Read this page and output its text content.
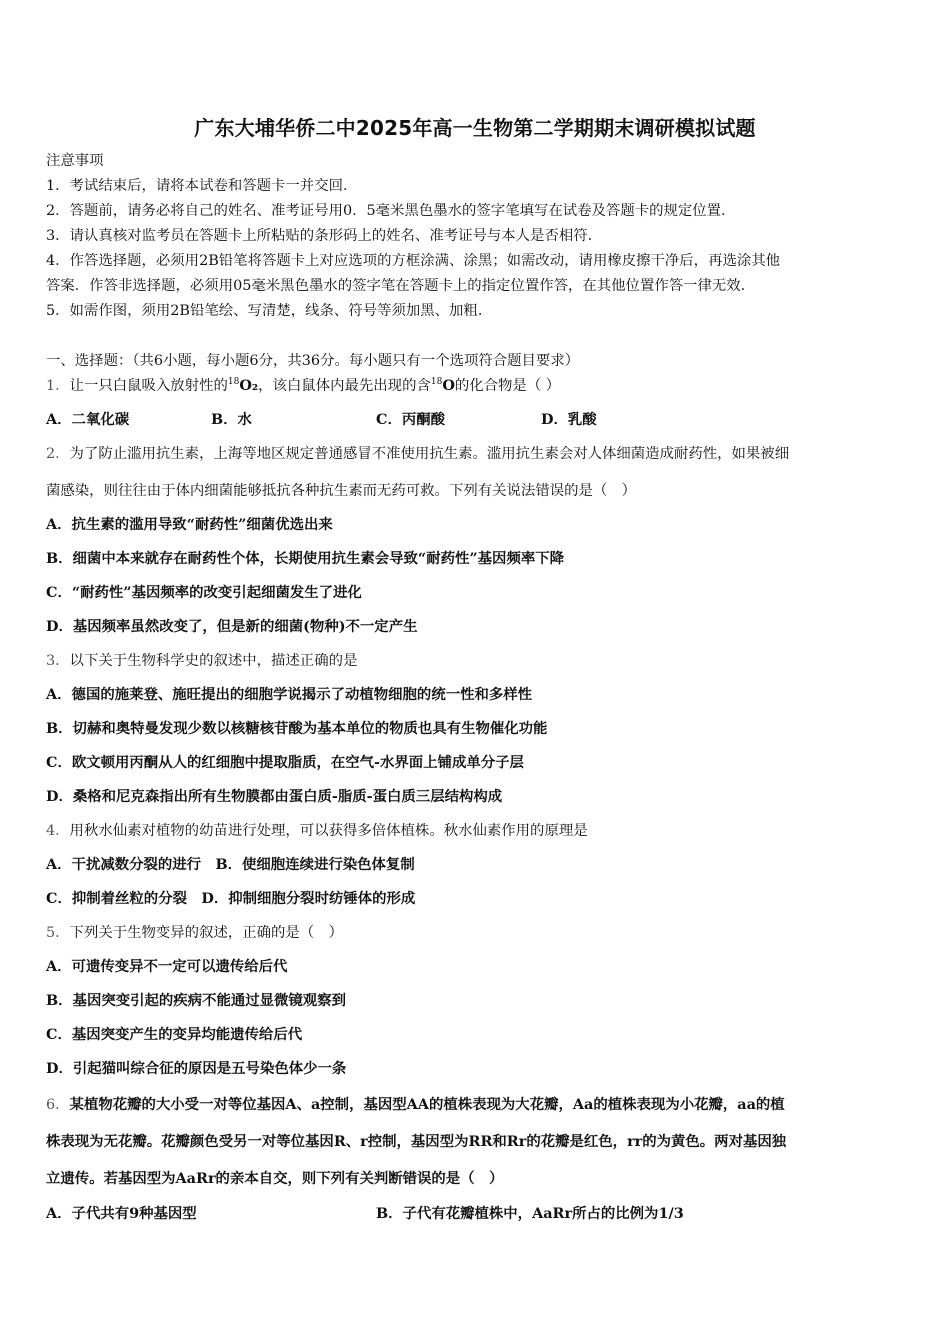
广东大埔华侨二中2025年高一生物第二学期期末调研模拟试题
注意事项
1．考试结束后，请将本试卷和答题卡一并交回．
2．答题前，请务必将自己的姓名、准考证号用0．5毫米黑色墨水的签字笔填写在试卷及答题卡的规定位置．
3．请认真核对监考员在答题卡上所粘贴的条形码上的姓名、准考证号与本人是否相符．
4．作答选择题，必须用2B铅笔将答题卡上对应选项的方框涂满、涂黑；如需改动，请用橡皮擦干净后，再选涂其他
答案．作答非选择题，必须用05毫米黑色墨水的签字笔在答题卡上的指定位置作答，在其他位置作答一律无效．
5．如需作图，须用2B铅笔绘、写清楚，线条、符号等须加黑、加粗．
一、选择题：（共6小题，每小题6分，共36分。每小题只有一个选项符合题目要求）
1．让一只白鼠吸入放射性的$^{18}$O₂，该白鼠体内最先出现的含$^{18}$O的化合物是（ ）
A．二氧化碳	B．水	C．丙酮酸	D．乳酸
2．为了防止滥用抗生素，上海等地区规定普通感冒不准使用抗生素。滥用抗生素会对人体细菌造成耐药性，如果被细
菌感染，则往往由于体内细菌能够抵抗各种抗生素而无药可救。下列有关说法错误的是（　）
A．抗生素的滥用导致“耐药性”细菌优选出来
B．细菌中本来就存在耐药性个体，长期使用抗生素会导致“耐药性”基因频率下降
C．“耐药性”基因频率的改变引起细菌发生了进化
D．基因频率虽然改变了，但是新的细菌(物种)不一定产生
3．以下关于生物科学史的叙述中，描述正确的是
A．德国的施莱登、施旺提出的细胞学说揭示了动植物细胞的统一性和多样性
B．切赫和奥特曼发现少数以核糖核苷酸为基本单位的物质也具有生物催化功能
C．欧文顿用丙酮从人的红细胞中提取脂质，在空气-水界面上铺成单分子层
D．桑格和尼克森指出所有生物膜都由蛋白质-脂质-蛋白质三层结构构成
4．用秋水仙素对植物的幼苗进行处理，可以获得多倍体植株。秋水仙素作用的原理是
A．干扰减数分裂的进行　B．使细胞连续进行染色体复制
C．抑制着丝粒的分裂　D．抑制细胞分裂时纺锤体的形成
5．下列关于生物变异的叙述，正确的是（　）
A．可遗传变异不一定可以遗传给后代
B．基因突变引起的疾病不能通过显微镜观察到
C．基因突变产生的变异均能遗传给后代
D．引起猫叫综合征的原因是五号染色体少一条
6．某植物花瓣的大小受一对等位基因A、a控制，基因型AA的植株表现为大花瓣，Aa的植株表现为小花瓣，aa的植
株表现为无花瓣。花瓣颜色受另一对等位基因R、r控制，基因型为RR和Rr的花瓣是红色，rr的为黄色。两对基因独
立遗传。若基因型为AaRr的亲本自交，则下列有关判断错误的是（　）
A．子代共有9种基因型	B．子代有花瓣植株中，AaRr所占的比例为1/3
